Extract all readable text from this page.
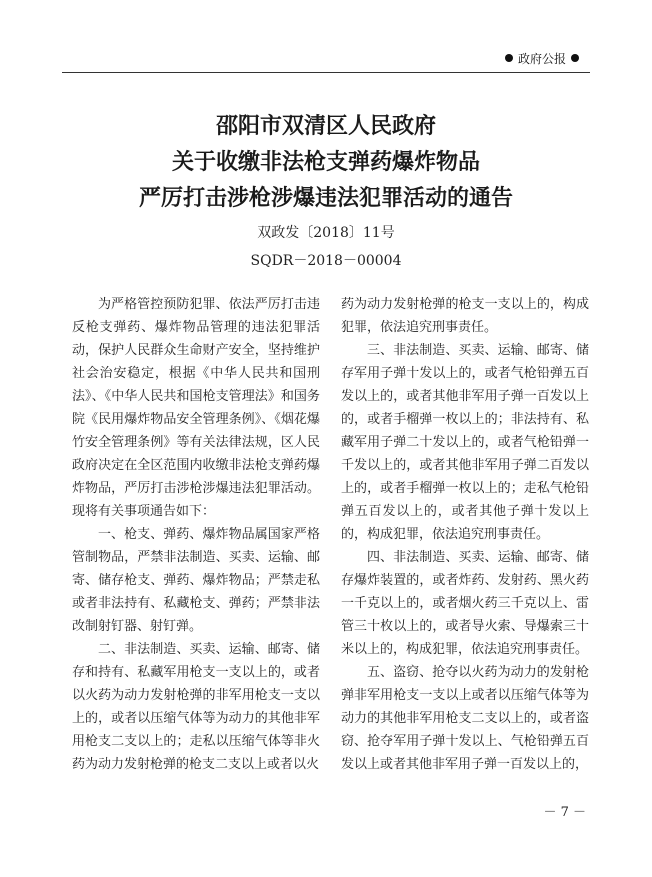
政府公报
邵阳市双清区人民政府
关于收缴非法枪支弹药爆炸物品
严厉打击涉枪涉爆违法犯罪活动的通告
双政发〔2018〕11号
SQDR－2018－00004

为严格管控预防犯罪、依法严厉打击违反枪支弹药、爆炸物品管理的违法犯罪活动，保护人民群众生命财产安全，坚持维护社会治安稳定，根据《中华人民共和国刑法》、《中华人民共和国枪支管理法》和国务院《民用爆炸物品安全管理条例》、《烟花爆竹安全管理条例》等有关法律法规，区人民政府决定在全区范围内收缴非法枪支弹药爆炸物品，严厉打击涉枪涉爆违法犯罪活动。现将有关事项通告如下：

一、枪支、弹药、爆炸物品属国家严格管制物品，严禁非法制造、买卖、运输、邮寄、储存枪支、弹药、爆炸物品；严禁走私或者非法持有、私藏枪支、弹药；严禁非法改制射钉器、射钉弹。

二、非法制造、买卖、运输、邮寄、储存和持有、私藏军用枪支一支以上的，或者以火药为动力发射枪弹的非军用枪支一支以上的，或者以压缩气体等为动力的其他非军用枪支二支以上的；走私以压缩气体等非火药为动力发射枪弹的枪支二支以上或者以火

药为动力发射枪弹的枪支一支以上的，构成犯罪，依法追究刑事责任。

三、非法制造、买卖、运输、邮寄、储存军用子弹十发以上的，或者气枪铅弹五百发以上的，或者其他非军用子弹一百发以上的，或者手榴弹一枚以上的；非法持有、私藏军用子弹二十发以上的，或者气枪铅弹一千发以上的，或者其他非军用子弹二百发以上的，或者手榴弹一枚以上的；走私气枪铅弹五百发以上的，或者其他子弹十发以上的，构成犯罪，依法追究刑事责任。

四、非法制造、买卖、运输、邮寄、储存爆炸装置的，或者炸药、发射药、黑火药一千克以上的，或者烟火药三千克以上、雷管三十枚以上的，或者导火索、导爆索三十米以上的，构成犯罪，依法追究刑事责任。

五、盗窃、抢夺以火药为动力的发射枪弹非军用枪支一支以上或者以压缩气体等为动力的其他非军用枪支二支以上的，或者盗窃、抢夺军用子弹十发以上、气枪铅弹五百发以上或者其他非军用子弹一百发以上的，

－ 7 －
